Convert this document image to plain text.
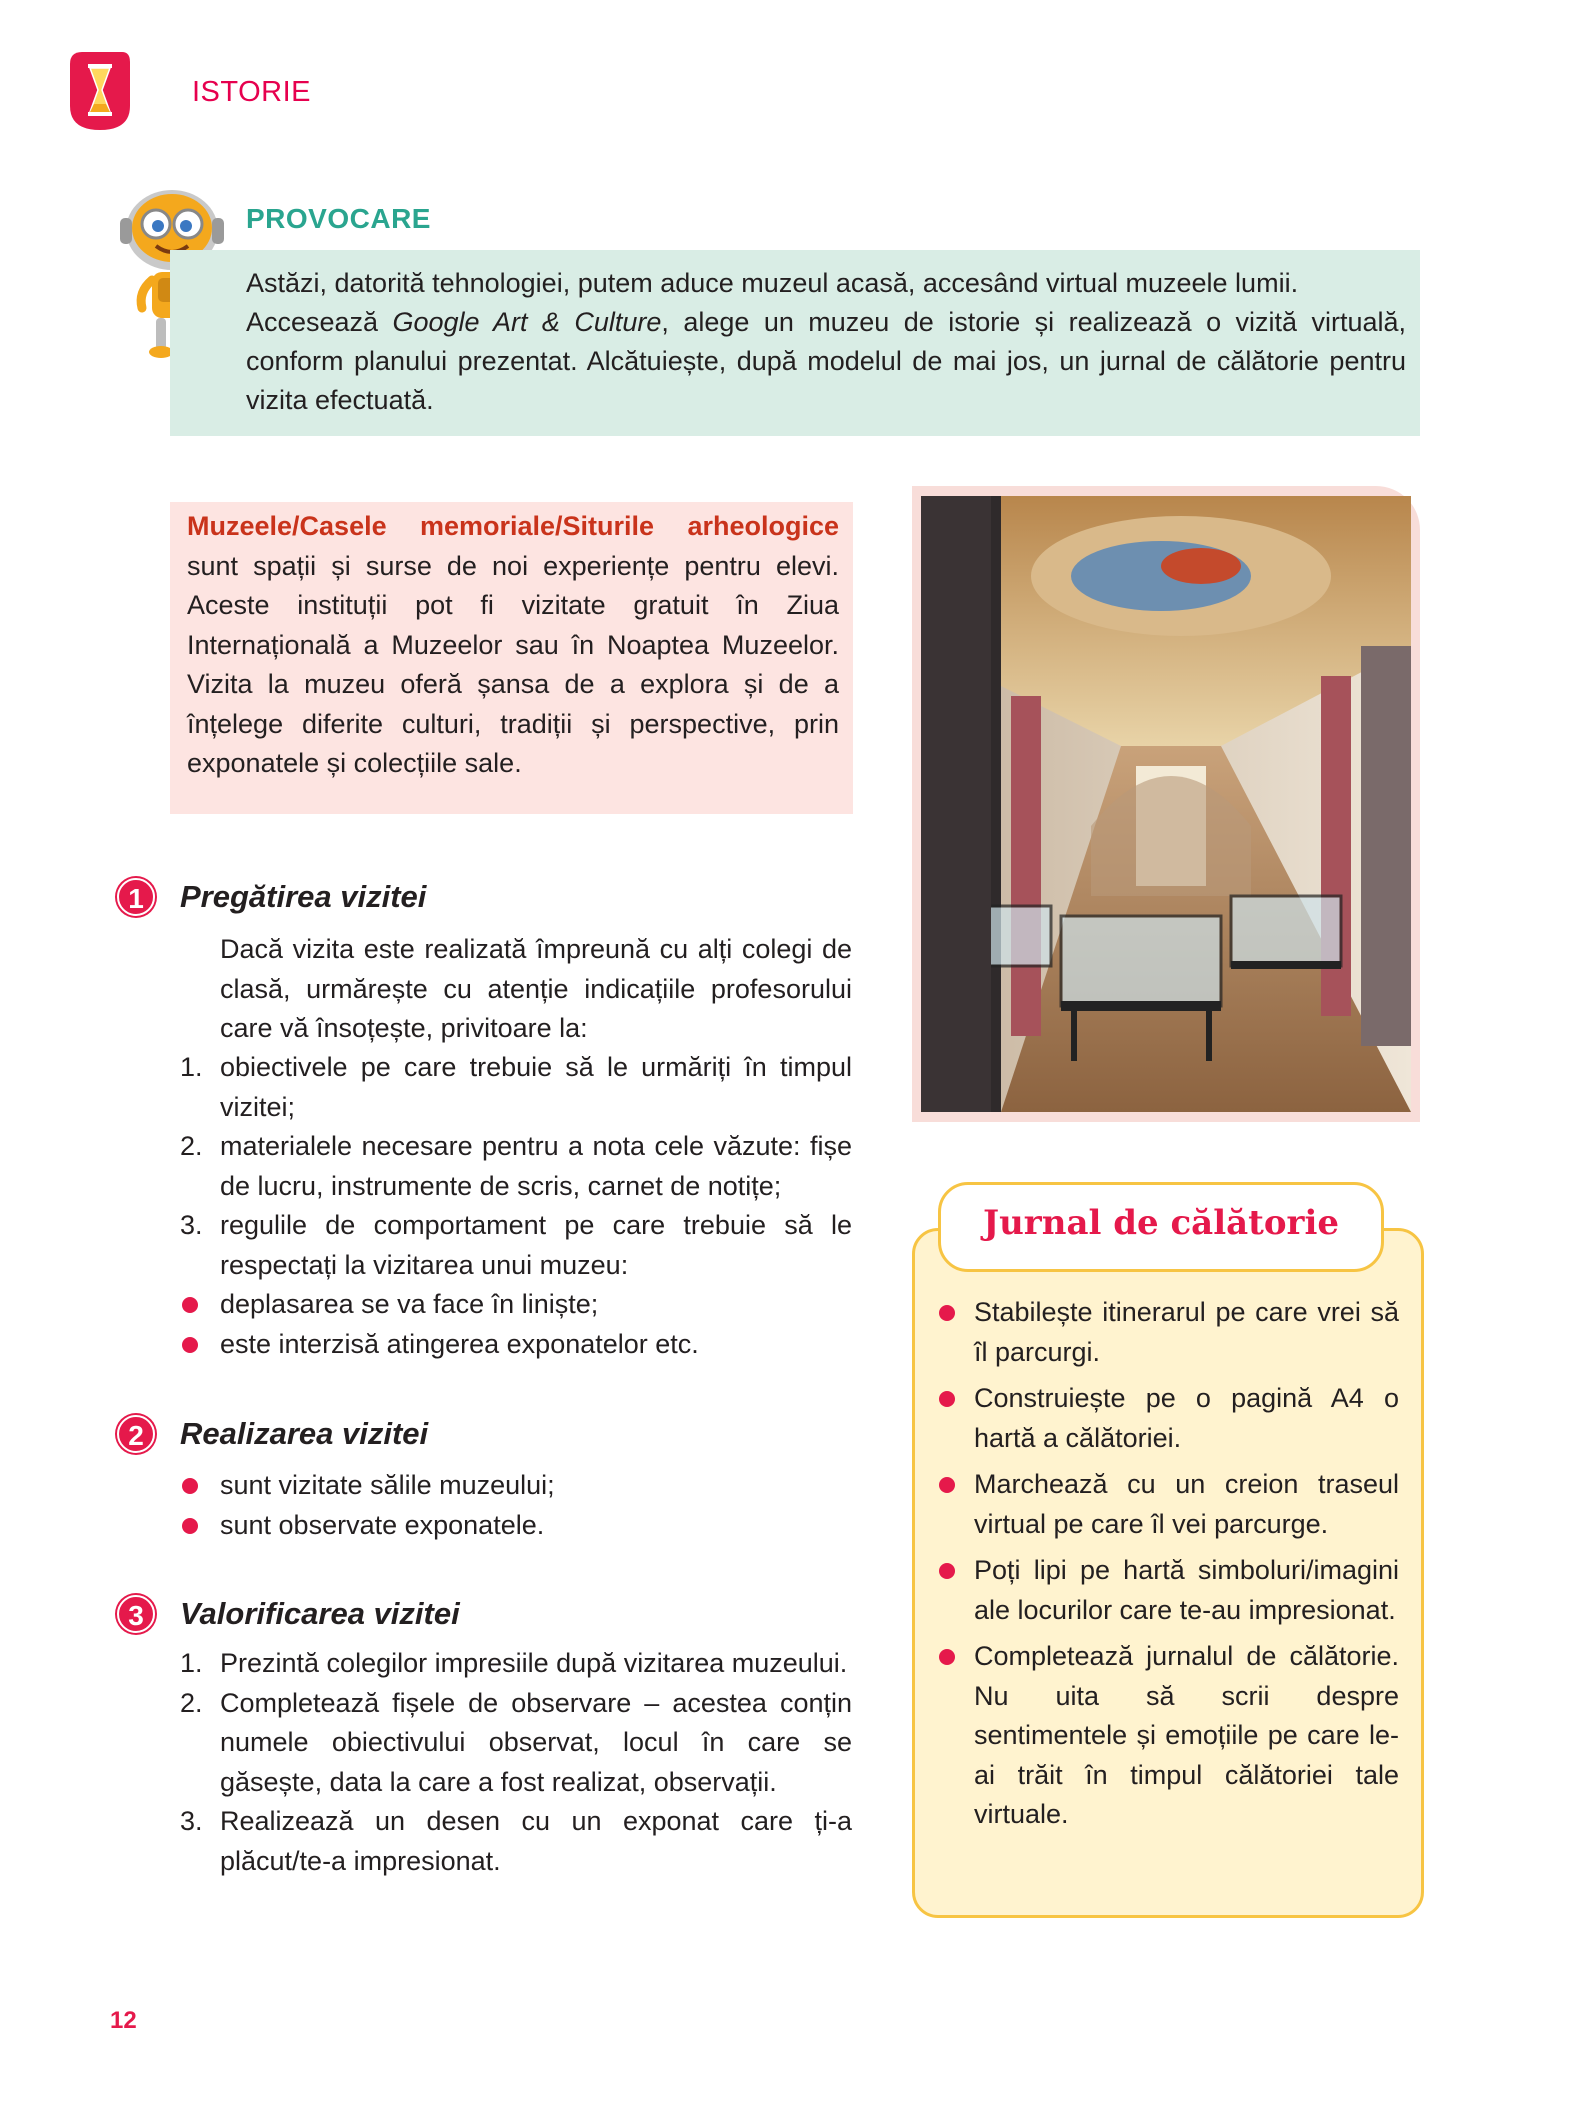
ISTORIE
PROVOCARE

Astăzi, datorită tehnologiei, putem aduce muzeul acasă, accesând virtual muzeele lumii.

Accesează Google Art & Culture, alege un muzeu de istorie și realizează o vizită virtuală, conform planului prezentat. Alcătuiește, după modelul de mai jos, un jurnal de călătorie pentru vizita efectuată.

Muzeele/Casele memoriale/Siturile arheologice sunt spații și surse de noi experiențe pentru elevi. Aceste instituții pot fi vizitate gratuit în Ziua Internațională a Muzeelor sau în Noaptea Muzeelor. Vizita la muzeu oferă șansa de a explora și de a înțelege diferite culturi, tradiții și perspective, prin exponatele și colecțiile sale.
1	Pregătirea vizitei
Dacă vizita este realizată împreună cu alți colegi de clasă, urmărește cu atenție indicațiile profesorului care vă însoțește, privitoare la:
1. obiectivele pe care trebuie să le urmăriți în timpul vizitei;
2. materialele necesare pentru a nota cele văzute: fișe de lucru, instrumente de scris, carnet de notițe;
3. regulile de comportament pe care trebuie să le respectați la vizitarea unui muzeu:
deplasarea se va face în liniște;
este interzisă atingerea exponatelor etc.
2	Realizarea vizitei
sunt vizitate sălile muzeului;
sunt observate exponatele.
3	Valorificarea vizitei
1. Prezintă colegilor impresiile după vizitarea muzeului.
2. Completează fișele de observare – acestea conțin numele obiectivului observat, locul în care se găsește, data la care a fost realizat, observații.
3. Realizează un desen cu un exponat care ți-a plăcut/te-a impresionat.
Jurnal de călătorie
Stabilește itinerarul pe care vrei să îl parcurgi.
Construiește pe o pagină A4 o hartă a călătoriei.
Marchează cu un creion traseul virtual pe care îl vei parcurge.
Poți lipi pe hartă simboluri/imagini ale locurilor care te-au impresionat.
Completează jurnalul de călătorie. Nu uita să scrii despre sentimentele și emoțiile pe care le-ai trăit în timpul călătoriei tale virtuale.
12
